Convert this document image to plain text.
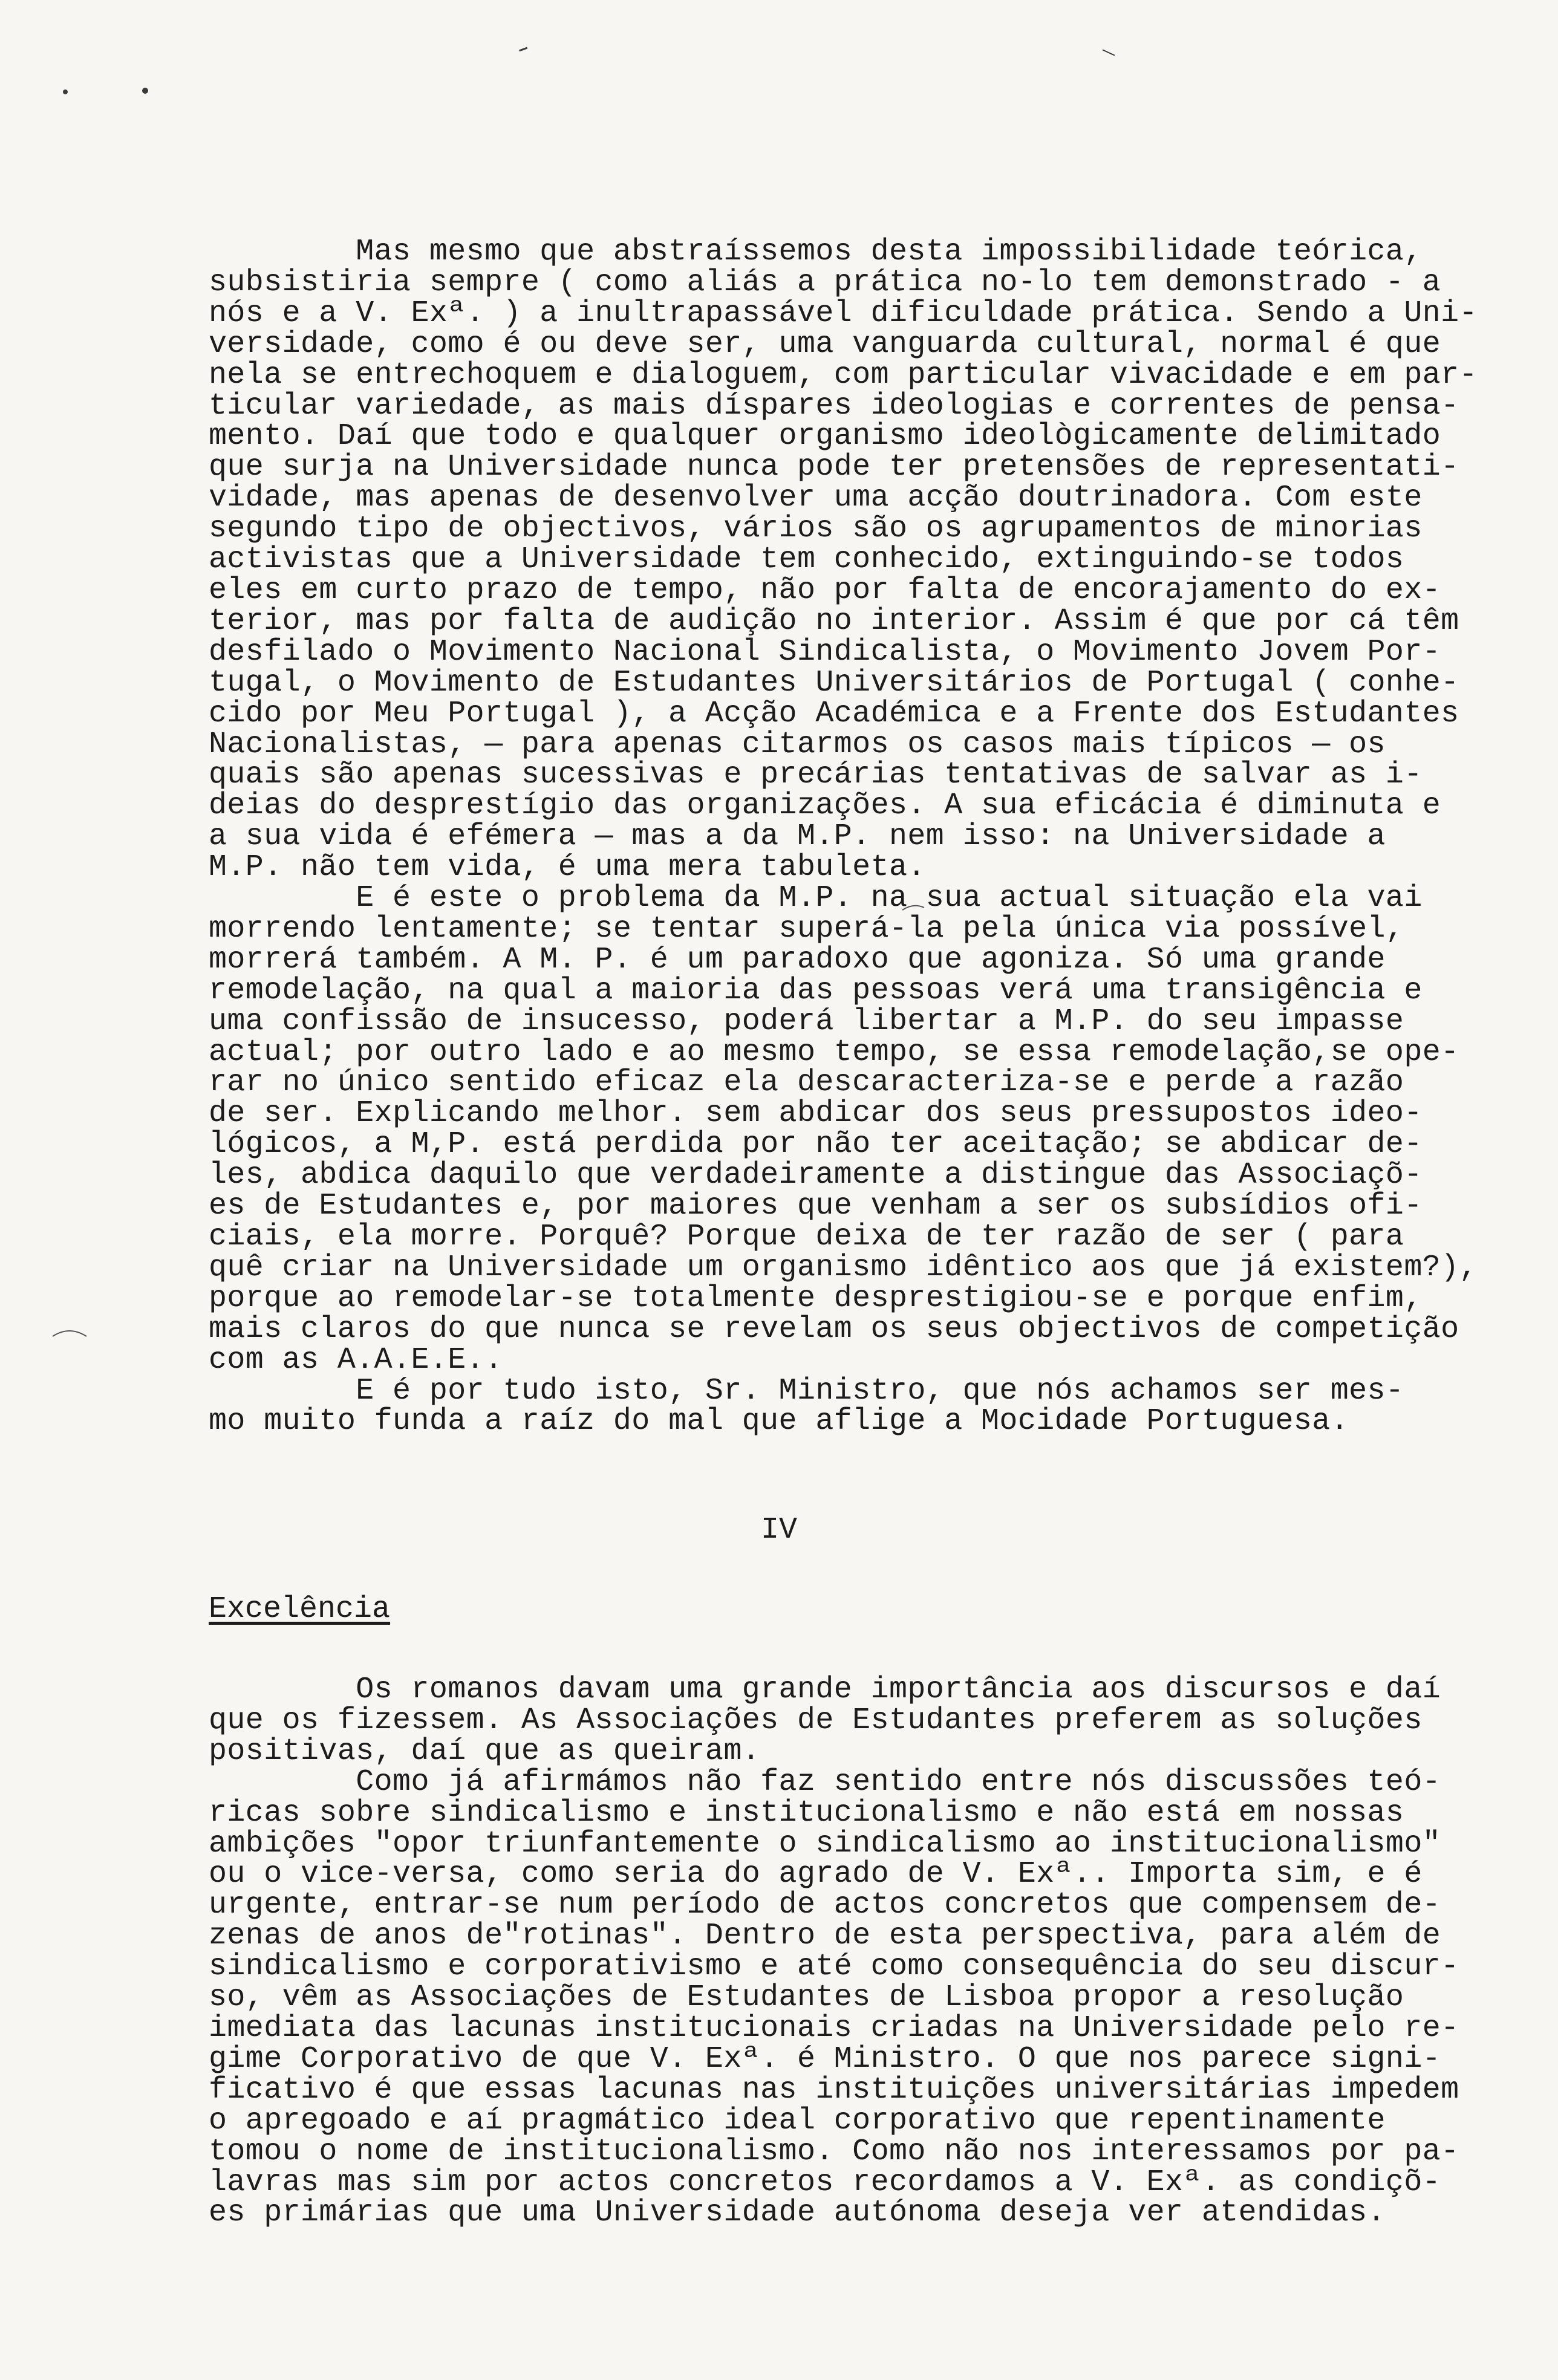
Mas mesmo que abstraíssemos desta impossibilidade teórica,
subsistiria sempre ( como aliás a prática no-lo tem demonstrado - a
nós e a V. Exª. ) a inultrapassável dificuldade prática. Sendo a Uni-
versidade, como é ou deve ser, uma vanguarda cultural, normal é que
nela se entrechoquem e dialoguem, com particular vivacidade e em par-
ticular variedade, as mais díspares ideologias e correntes de pensa-
mento. Daí que todo e qualquer organismo ideològicamente delimitado
que surja na Universidade nunca pode ter pretensões de representati-
vidade, mas apenas de desenvolver uma acção doutrinadora. Com este
segundo tipo de objectivos, vários são os agrupamentos de minorias
activistas que a Universidade tem conhecido, extinguindo-se todos
eles em curto prazo de tempo, não por falta de encorajamento do ex-
terior, mas por falta de audição no interior. Assim é que por cá têm
desfilado o Movimento Nacional Sindicalista, o Movimento Jovem Por-
tugal, o Movimento de Estudantes Universitários de Portugal ( conhe-
cido por Meu Portugal ), a Acção Académica e a Frente dos Estudantes
Nacionalistas, — para apenas citarmos os casos mais típicos — os
quais são apenas sucessivas e precárias tentativas de salvar as i-
deias do desprestígio das organizações. A sua eficácia é diminuta e
a sua vida é efémera — mas a da M.P. nem isso: na Universidade a
M.P. não tem vida, é uma mera tabuleta.
E é este o problema da M.P. na sua actual situação ela vai
morrendo lentamente; se tentar superá-la pela única via possível,
morrerá também. A M. P. é um paradoxo que agoniza. Só uma grande
remodelação, na qual a maioria das pessoas verá uma transigência e
uma confissão de insucesso, poderá libertar a M.P. do seu impasse
actual; por outro lado e ao mesmo tempo, se essa remodelação,se ope-
rar no único sentido eficaz ela descaracteriza-se e perde a razão
de ser. Explicando melhor. sem abdicar dos seus pressupostos ideo-
lógicos, a M,P. está perdida por não ter aceitação; se abdicar de-
les, abdica daquilo que verdadeiramente a distingue das Associaçõ-
es de Estudantes e, por maiores que venham a ser os subsídios ofi-
ciais, ela morre. Porquê? Porque deixa de ter razão de ser ( para
quê criar na Universidade um organismo idêntico aos que já existem?),
porque ao remodelar-se totalmente desprestigiou-se e porque enfim,
mais claros do que nunca se revelam os seus objectivos de competição
com as A.A.E.E..
E é por tudo isto, Sr. Ministro, que nós achamos ser mes-
mo muito funda a raíz do mal que aflige a Mocidade Portuguesa.
IV
Excelência
Os romanos davam uma grande importância aos discursos e daí
que os fizessem. As Associações de Estudantes preferem as soluções
positivas, daí que as queiram.
Como já afirmámos não faz sentido entre nós discussões teó-
ricas sobre sindicalismo e institucionalismo e não está em nossas
ambições "opor triunfantemente o sindicalismo ao institucionalismo"
ou o vice-versa, como seria do agrado de V. Exª.. Importa sim, e é
urgente, entrar-se num período de actos concretos que compensem de-
zenas de anos de"rotinas". Dentro de esta perspectiva, para além de
sindicalismo e corporativismo e até como consequência do seu discur-
so, vêm as Associações de Estudantes de Lisboa propor a resolução
imediata das lacunas institucionais criadas na Universidade pelo re-
gime Corporativo de que V. Exª. é Ministro. O que nos parece signi-
ficativo é que essas lacunas nas instituições universitárias impedem
o apregoado e aí pragmático ideal corporativo que repentinamente
tomou o nome de institucionalismo. Como não nos interessamos por pa-
lavras mas sim por actos concretos recordamos a V. Exª. as condiçõ-
es primárias que uma Universidade autónoma deseja ver atendidas.
